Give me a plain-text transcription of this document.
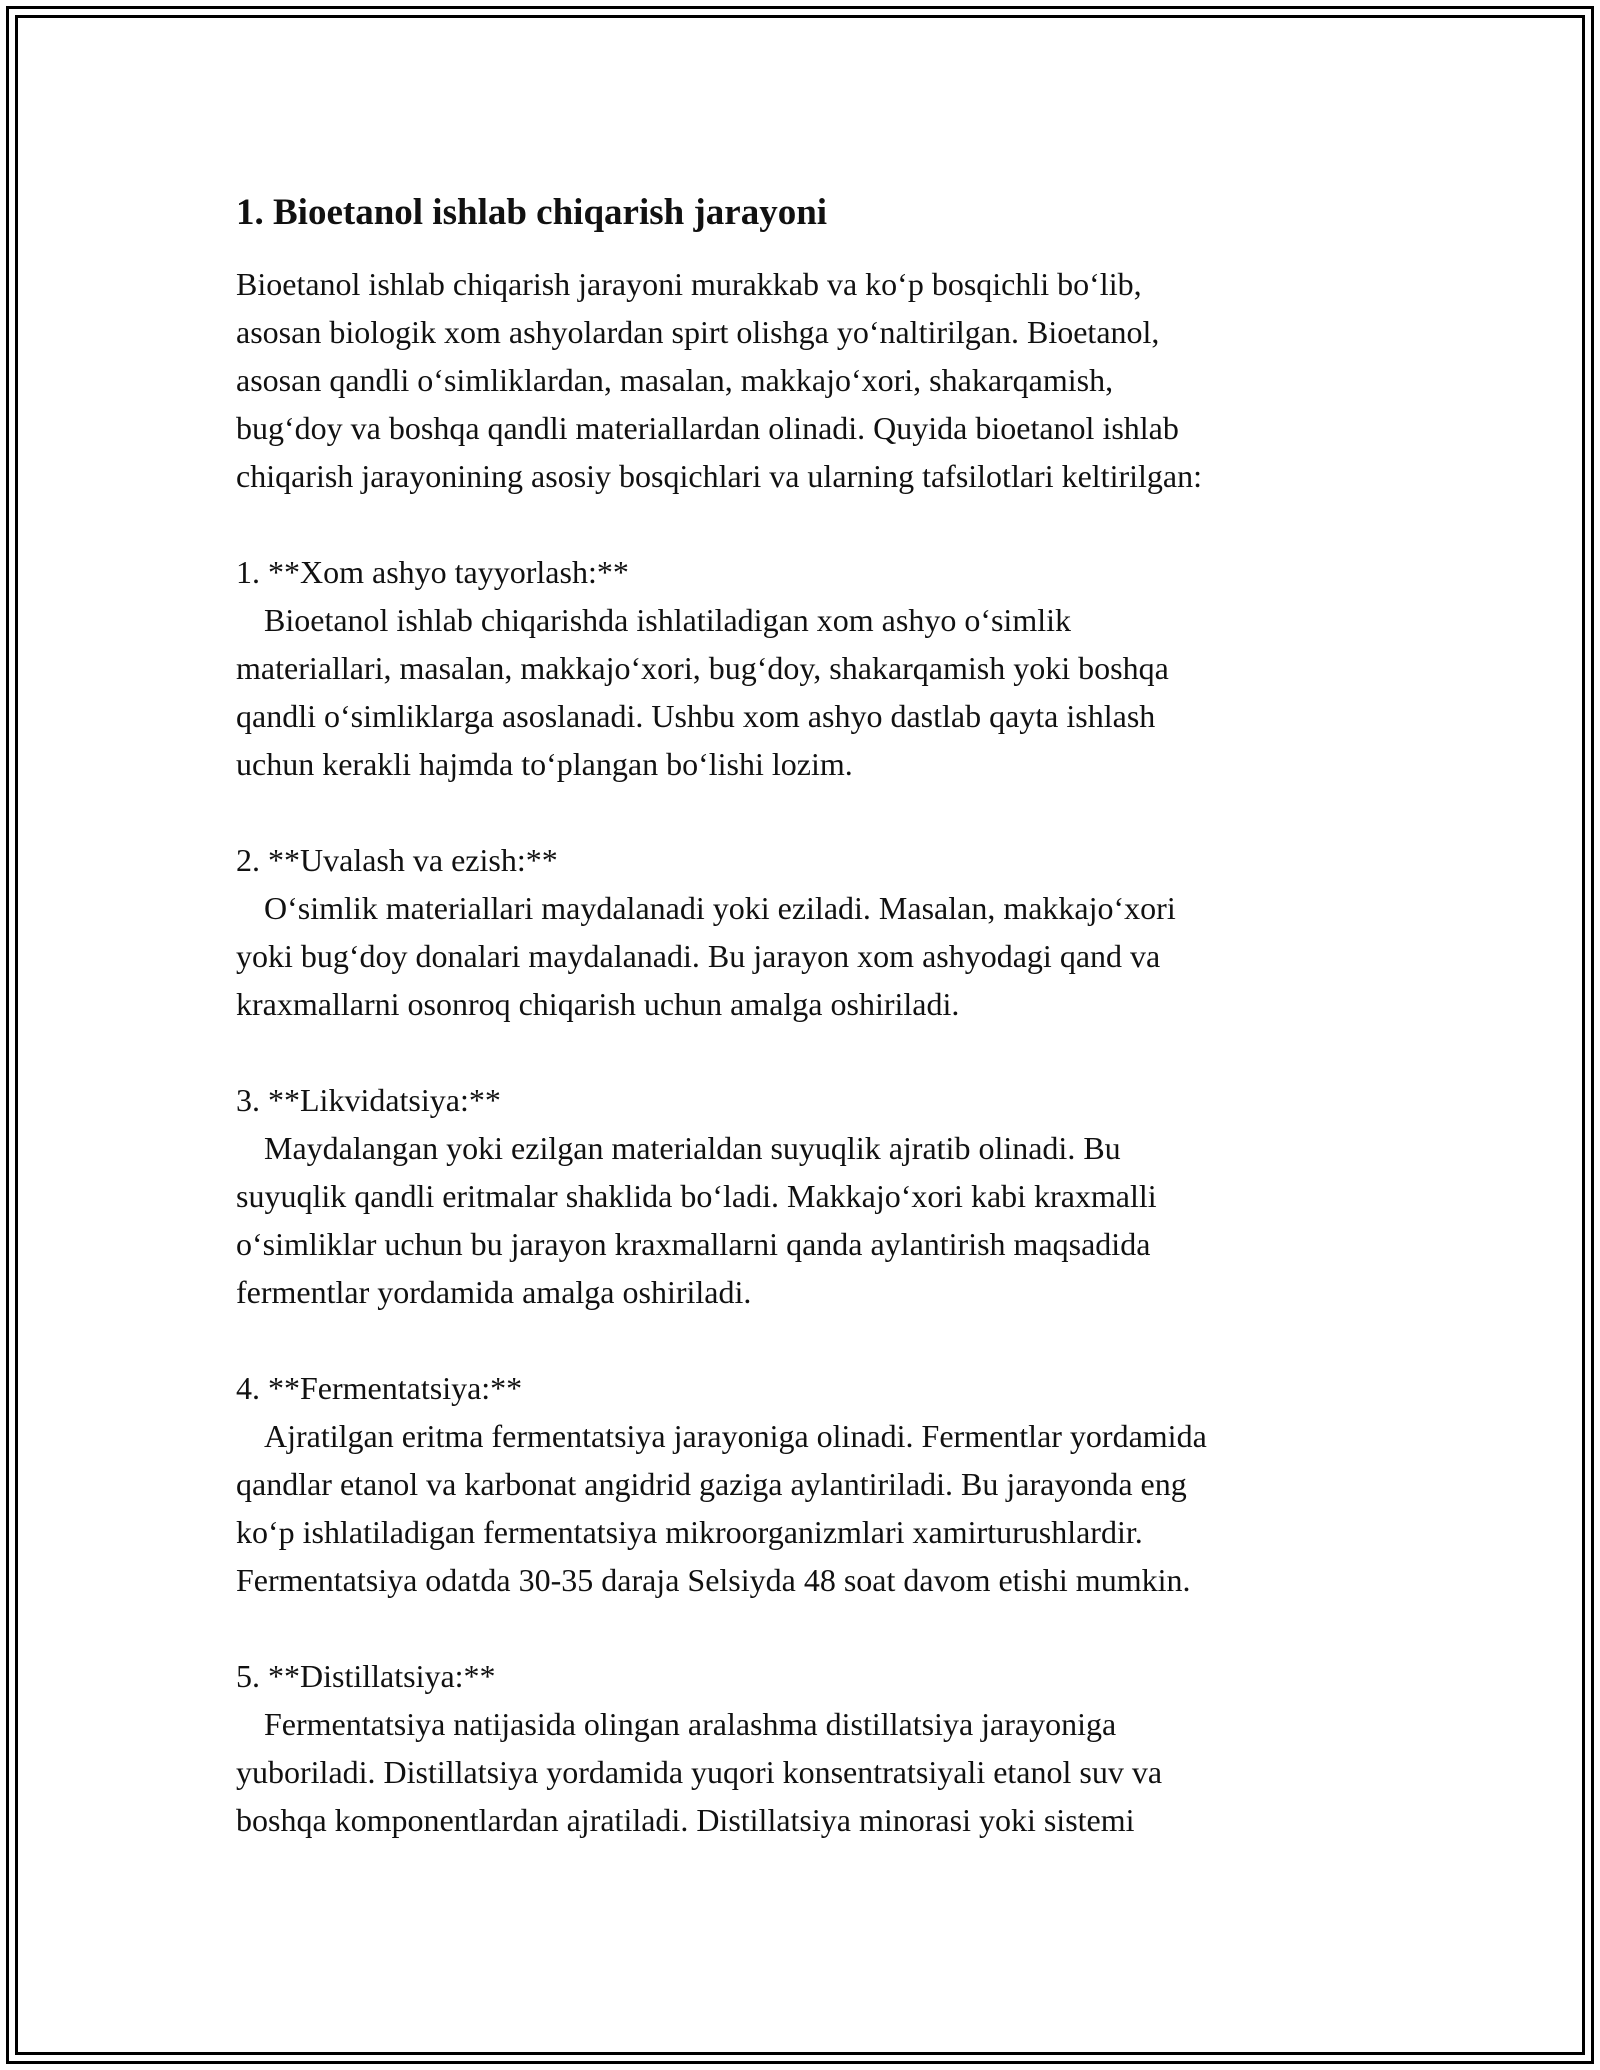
1. Bioetanol ishlab chiqarish jarayoni

Bioetanol ishlab chiqarish jarayoni murakkab va ko‘p bosqichli bo‘lib,
asosan biologik xom ashyolardan spirt olishga yo‘naltirilgan. Bioetanol,
asosan qandli o‘simliklardan, masalan, makkajo‘xori, shakarqamish,
bug‘doy va boshqa qandli materiallardan olinadi. Quyida bioetanol ishlab
chiqarish jarayonining asosiy bosqichlari va ularning tafsilotlari keltirilgan:

1. **Xom ashyo tayyorlash:**

Bioetanol ishlab chiqarishda ishlatiladigan xom ashyo o‘simlik
materiallari, masalan, makkajo‘xori, bug‘doy, shakarqamish yoki boshqa
qandli o‘simliklarga asoslanadi. Ushbu xom ashyo dastlab qayta ishlash
uchun kerakli hajmda to‘plangan bo‘lishi lozim.

2. **Uvalash va ezish:**

O‘simlik materiallari maydalanadi yoki eziladi. Masalan, makkajo‘xori
yoki bug‘doy donalari maydalanadi. Bu jarayon xom ashyodagi qand va
kraxmallarni osonroq chiqarish uchun amalga oshiriladi.

3. **Likvidatsiya:**

Maydalangan yoki ezilgan materialdan suyuqlik ajratib olinadi. Bu
suyuqlik qandli eritmalar shaklida bo‘ladi. Makkajo‘xori kabi kraxmalli
o‘simliklar uchun bu jarayon kraxmallarni qanda aylantirish maqsadida
fermentlar yordamida amalga oshiriladi.

4. **Fermentatsiya:**

Ajratilgan eritma fermentatsiya jarayoniga olinadi. Fermentlar yordamida
qandlar etanol va karbonat angidrid gaziga aylantiriladi. Bu jarayonda eng
ko‘p ishlatiladigan fermentatsiya mikroorganizmlari xamirturushlardir.
Fermentatsiya odatda 30-35 daraja Selsiyda 48 soat davom etishi mumkin.

5. **Distillatsiya:**

Fermentatsiya natijasida olingan aralashma distillatsiya jarayoniga
yuboriladi. Distillatsiya yordamida yuqori konsentratsiyali etanol suv va
boshqa komponentlardan ajratiladi. Distillatsiya minorasi yoki sistemi
